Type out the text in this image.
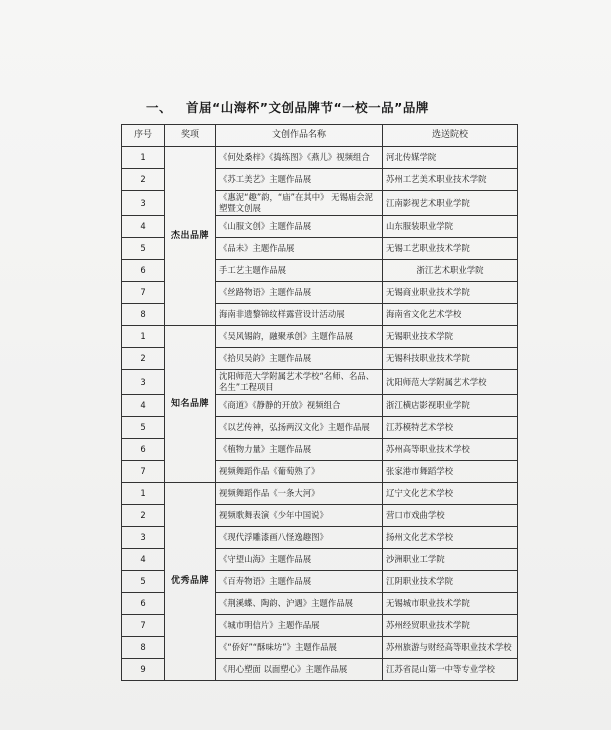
一、 首届“山海杯”文创品牌节“一校一品”品牌
序号	奖项	文创作品名称	选送院校
1	杰出品牌	《何处桑梓》《捣练图》《燕儿》视频组合	河北传媒学院
2		《苏工美艺》主题作品展	苏州工艺美术职业技术学院
3		《惠泥“趣”韵，“庙”在其中》 无锡庙会泥塑暨文创展	江南影视艺术职业学院
4		《山服文创》主题作品展	山东服装职业学院
5		《品未》主题作品展	无锡工艺职业技术学院
6		手工艺主题作品展	浙江艺术职业学院
7		《丝路物语》主题作品展	无锡商业职业技术学院
8		海南非遗黎锦纹样露营设计活动展	海南省文化艺术学校
1	知名品牌	《吴风锡韵，融聚承创》主题作品展	无锡职业技术学院
2		《拾贝吴韵》主题作品展	无锡科技职业技术学院
3		沈阳师范大学附属艺术学校“名师、名品、名生”工程项目	沈阳师范大学附属艺术学校
4		《商道》《静静的开放》视频组合	浙江横店影视职业学院
5		《以艺传神，弘扬两汉文化》主题作品展	江苏模特艺术学校
6		《植物力量》主题作品展	苏州高等职业技术学校
7		视频舞蹈作品《葡萄熟了》	张家港市舞蹈学校
1	优秀品牌	视频舞蹈作品《一条大河》	辽宁文化艺术学校
2		视频歌舞表演《少年中国说》	营口市戏曲学校
3		《现代浮雕漆画八怪逸趣图》	扬州文化艺术学校
4		《守望山海》主题作品展	沙洲职业工学院
5		《百寿物语》主题作品展	江阴职业技术学院
6		《荆溪蝶、陶韵、沪遇》主题作品展	无锡城市职业技术学院
7		《城市明信片》主题作品展	苏州经贸职业技术学院
8		《“侨好”“酥味坊”》主题作品展	苏州旅游与财经高等职业技术学校
9		《用心塑面 以面塑心》主题作品展	江苏省昆山第一中等专业学校
